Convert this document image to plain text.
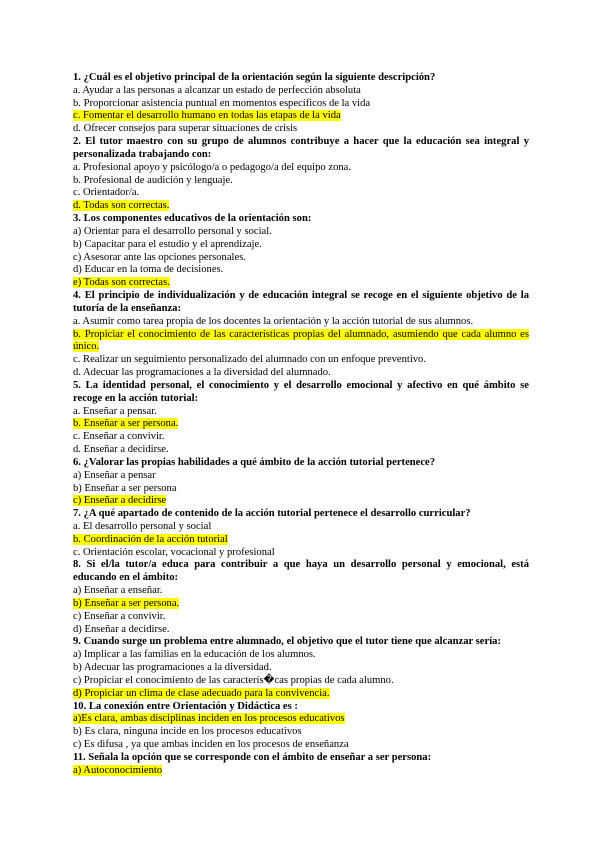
1. ¿Cuál es el objetivo principal de la orientación según la siguiente descripción?
a. Ayudar a las personas a alcanzar un estado de perfección absoluta
b. Proporcionar asistencia puntual en momentos específicos de la vida
c. Fomentar el desarrollo humano en todas las etapas de la vida
d. Ofrecer consejos para superar situaciones de crisis
2. El tutor maestro con su grupo de alumnos contribuye a hacer que la educación sea integral y personalizada trabajando con:
a. Profesional apoyo y psicólogo/a o pedagogo/a del equipo zona.
b. Profesional de audición y lenguaje.
c. Orientador/a.
d. Todas son correctas.
3. Los componentes educativos de la orientación son:
a) Orientar para el desarrollo personal y social.
b) Capacitar para el estudio y el aprendizaje.
c) Asesorar ante las opciones personales.
d) Educar en la toma de decisiones.
e) Todas son correctas.
4. El principio de individualización y de educación integral se recoge en el siguiente objetivo de la tutoría de la enseñanza:
a. Asumir como tarea propia de los docentes la orientación y la acción tutorial de sus alumnos.
b. Propiciar el conocimiento de las características propias del alumnado, asumiendo que cada alumno es único.
c. Realizar un seguimiento personalizado del alumnado con un enfoque preventivo.
d. Adecuar las programaciones a la diversidad del alumnado.
5. La identidad personal, el conocimiento y el desarrollo emocional y afectivo en qué ámbito se recoge en la acción tutorial:
a. Enseñar a pensar.
b. Enseñar a ser persona.
c. Enseñar a convivir.
d. Enseñar a decidirse.
6. ¿Valorar las propias habilidades a qué ámbito de la acción tutorial pertenece?
a) Enseñar a pensar
b) Enseñar a ser persona
c) Enseñar a decidirse
7. ¿A qué apartado de contenido de la acción tutorial pertenece el desarrollo curricular?
a. El desarrollo personal y social
b. Coordinación de la acción tutorial
c. Orientación escolar, vocacional y profesional
8. Si el/la tutor/a educa para contribuir a que haya un desarrollo personal y emocional, está educando en el ámbito:
a) Enseñar a enseñar.
b) Enseñar a ser persona.
c) Enseñar a convivir.
d) Enseñar a decidirse.
9. Cuando surge un problema entre alumnado, el objetivo que el tutor tiene que alcanzar sería:
a) Implicar a las familias en la educación de los alumnos.
b) Adecuar las programaciones a la diversidad.
c) Propiciar el conocimiento de las caracterís�cas propias de cada alumno.
d) Propiciar un clima de clase adecuado para la convivencia.
10. La conexión entre Orientación y Didáctica es :
a)Es clara, ambas disciplinas inciden en los procesos educativos
b) Es clara, ninguna incide en los procesos educativos
c) Es difusa , ya que ambas inciden en los procesos de enseñanza
11. Señala la opción que se corresponde con el ámbito de enseñar a ser persona:
a) Autoconocimiento
